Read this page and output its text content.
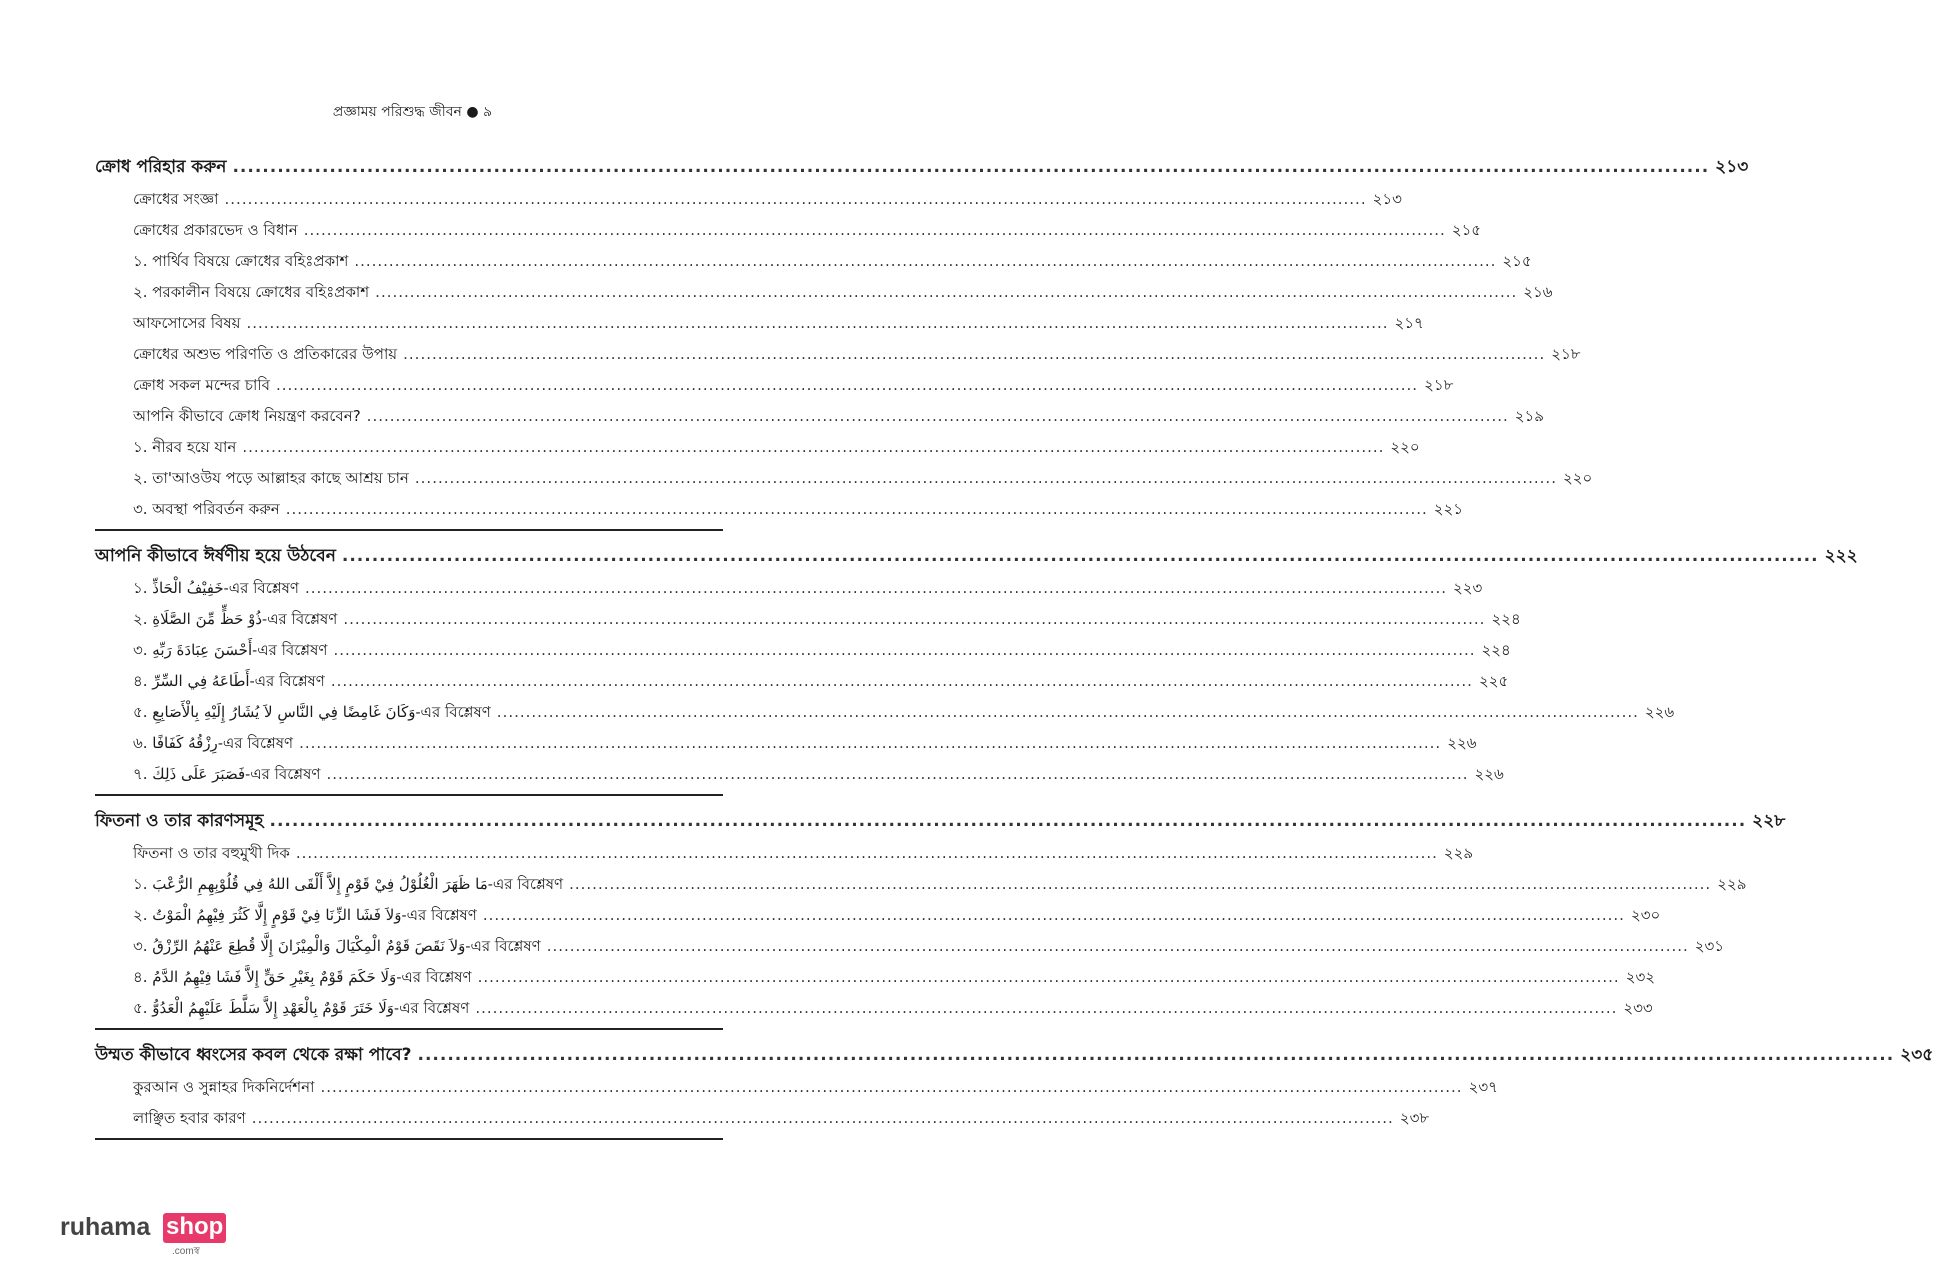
প্রজ্ঞাময় পরিশুদ্ধ জীবন ● ৯
ক্রোধ পরিহার করুন .....	২১৩
ক্রোধের সংজ্ঞা .....	২১৩
ক্রোধের প্রকারভেদ ও বিধান .....	২১৫
১. পার্থিব বিষয়ে ক্রোধের বহিঃপ্রকাশ .....	২১৫
২. পরকালীন বিষয়ে ক্রোধের বহিঃপ্রকাশ .....	২১৬
আফসোসের বিষয় .....	২১৭
ক্রোধের অশুভ পরিণতি ও প্রতিকারের উপায় .....	২১৮
ক্রোধ সকল মন্দের চাবি .....	২১৮
আপনি কীভাবে ক্রোধ নিয়ন্ত্রণ করবেন? .....	২১৯
১. নীরব হয়ে যান .....	২২০
২. তা'আওউয পড়ে আল্লাহর কাছে আশ্রয় চান .....	২২০
৩. অবস্থা পরিবর্তন করুন .....	২২১
আপনি কীভাবে ঈর্ষণীয় হয়ে উঠবেন .....	২২২
১. خَفِيْفُ الْحَاذِّ-এর বিশ্লেষণ .....	২২৩
২. ذُوْ حَظٍّ مِّنَ الصَّلَاةِ-এর বিশ্লেষণ .....	২২৪
৩. أَحْسَنَ عِبَادَةَ رَبِّهِ-এর বিশ্লেষণ .....	২২৪
৪. أَطَاعَهُ فِي السِّرِّ-এর বিশ্লেষণ .....	২২৫
৫. وَكَانَ غَامِضًا فِي النَّاسِ لاَ يُشَارُ إِلَيْهِ بِالْأَصَابِعِ-এর বিশ্লেষণ .....	২২৬
৬. رِزْقُهُ كَفَافًا-এর বিশ্লেষণ .....	২২৬
৭. فَصَبَرَ عَلَى ذَلِكَ-এর বিশ্লেষণ .....	২২৬
ফিতনা ও তার কারণসমূহ .....	২২৮
ফিতনা ও তার বহুমুখী দিক .....	২২৯
১. مَا ظَهَرَ الْغُلُوْلُ فِيْ قَوْمٍ إِلاَّ أَلْقَى اللهُ فِي قُلُوْبِهِمِ الرُّعْبَ-এর বিশ্লেষণ .....	২২৯
২. وَلاَ فَشَا الزِّنَا فِيْ قَوْمٍ إِلَّا كَثُرَ فِيْهِمُ الْمَوْتُ-এর বিশ্লেষণ .....	২৩০
৩. وَلاَ نَقَصَ قَوْمٌ الْمِكْيَالَ وَالْمِيْزَانَ إِلَّا قُطِعَ عَنْهُمُ الرِّزْقُ-এর বিশ্লেষণ .....	২৩১
৪. وَلَا حَكَمَ قَوْمٌ بِغَيْرِ حَقٍّ إِلاَّ فَشَا فِيْهِمُ الدَّمُ-এর বিশ্লেষণ .....	২৩২
৫. وَلَا خَتَرَ قَوْمٌ بِالْعَهْدِ إِلاَّ سَلَّطَ عَلَيْهِمُ الْعَدُوُّ-এর বিশ্লেষণ .....	২৩৩
উম্মত কীভাবে ধ্বংসের কবল থেকে রক্ষা পাবে? .....	২৩৫
কুরআন ও সুন্নাহর দিকনির্দেশনা .....	২৩৭
লাঞ্ছিত হবার কারণ .....	২৩৮
ruhama shop
.comস্ব
